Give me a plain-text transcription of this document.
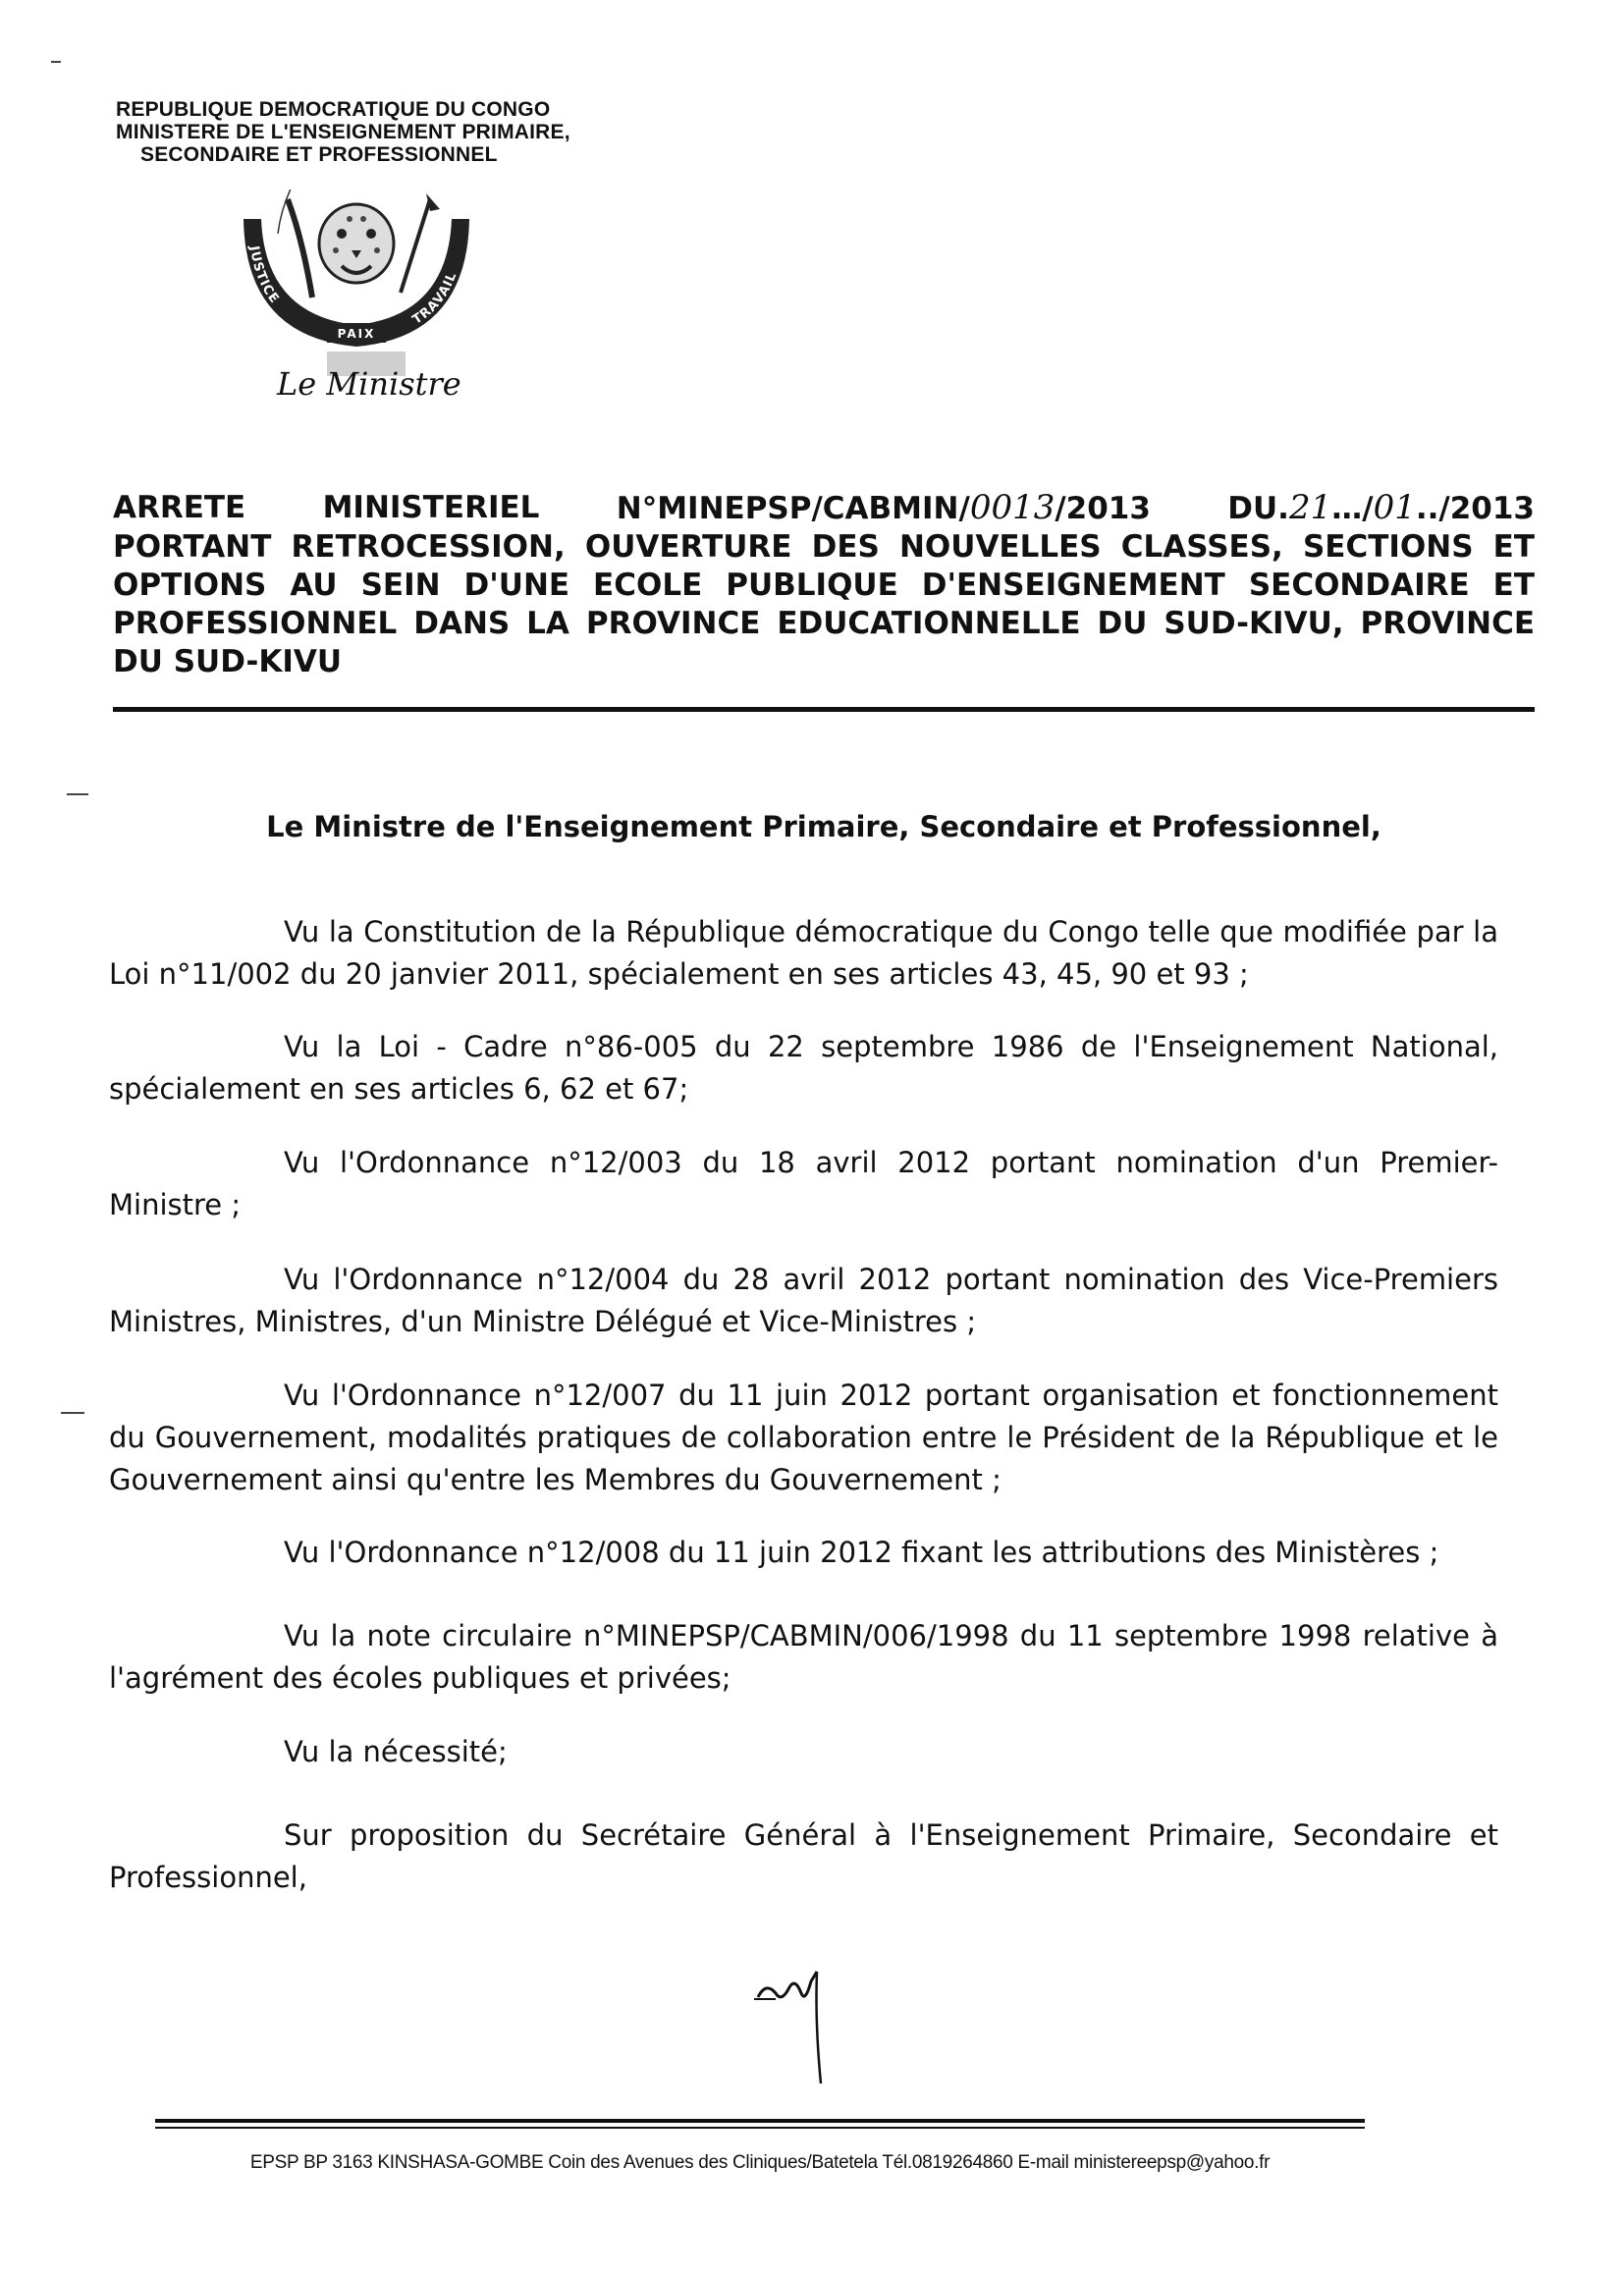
REPUBLIQUE DEMOCRATIQUE DU CONGO
MINISTERE DE L'ENSEIGNEMENT PRIMAIRE,
SECONDAIRE ET PROFESSIONNEL
JUSTICE
TRAVAIL
PAIX
Le Ministre
ARRETE	MINISTERIEL	N°MINEPSP/CABMIN/0013/2013	DU.21…/01../2013
PORTANT RETROCESSION, OUVERTURE DES NOUVELLES CLASSES, SECTIONS ET OPTIONS AU SEIN D'UNE ECOLE PUBLIQUE D'ENSEIGNEMENT SECONDAIRE ET PROFESSIONNEL DANS LA PROVINCE EDUCATIONNELLE DU SUD-KIVU, PROVINCE DU SUD-KIVU
Le Ministre de l'Enseignement Primaire, Secondaire et Professionnel,

Vu la Constitution de la République démocratique du Congo telle que modifiée par la Loi n°11/002 du 20 janvier 2011, spécialement en ses articles 43, 45, 90 et 93 ;

Vu la Loi - Cadre n°86-005 du 22 septembre 1986 de l'Enseignement National, spécialement en ses articles 6, 62 et 67;

Vu l'Ordonnance n°12/003 du 18 avril 2012 portant nomination d'un Premier-Ministre ;

Vu l'Ordonnance n°12/004 du 28 avril 2012 portant nomination des Vice-Premiers Ministres, Ministres, d'un Ministre Délégué et Vice-Ministres ;

Vu l'Ordonnance n°12/007 du 11 juin 2012 portant organisation et fonctionnement du Gouvernement, modalités pratiques de collaboration entre le Président de la République et le Gouvernement ainsi qu'entre les Membres du Gouvernement ;

Vu l'Ordonnance n°12/008 du 11 juin 2012 fixant les attributions des Ministères ;

Vu la note circulaire n°MINEPSP/CABMIN/006/1998 du 11 septembre 1998 relative à l'agrément des écoles publiques et privées;

Vu la nécessité;

Sur proposition du Secrétaire Général à l'Enseignement Primaire, Secondaire et Professionnel,

EPSP BP 3163 KINSHASA-GOMBE Coin des Avenues des Cliniques/Batetela Tél.0819264860 E-mail ministereepsp@yahoo.fr
